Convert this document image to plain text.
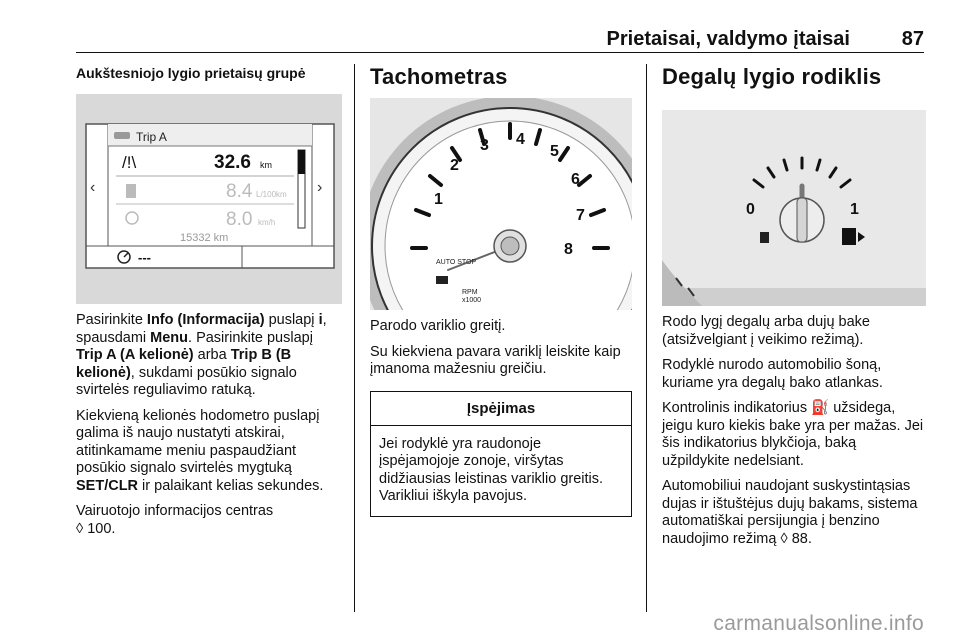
Prietaisai, valdymo įtaisai	87
Aukštesniojo lygio prietaisų grupė
Trip A
‹	›
/!\	32.6 km
8.4 L/100km
8.0 km/h
15332 km
---

Pasirinkite Info (Informacija) puslapį i, spausdami Menu. Pasirinkite puslapį Trip A (A kelionė) arba Trip B (B kelionė), sukdami posūkio signalo svirtelės reguliavimo ratuką.

Kiekvieną kelionės hodometro puslapį galima iš naujo nustatyti atskirai, atitinkamame meniu paspaudžiant posūkio signalo svirtelės mygtuką SET/CLR ir palaikant kelias sekundes.

Vairuotojo informacijos centras
◊ 100.

Tachometras
1
2
3 4
5
6
7
8
AUTO STOP
RPM
x1000

Parodo variklio greitį.

Su kiekviena pavara variklį leiskite kaip įmanoma mažesniu greičiu.

Įspėjimas
Jei rodyklė yra raudonoje įspėjamojoje zonoje, viršytas didžiausias leistinas variklio greitis. Varikliui iškyla pavojus.
Degalų lygio rodiklis
0	1

Rodo lygį degalų arba dujų bake (atsižvelgiant į veikimo režimą).

Rodyklė nurodo automobilio šoną, kuriame yra degalų bako atlankas.

Kontrolinis indikatorius ⛽ užsidega, jeigu kuro kiekis bake yra per mažas. Jei šis indikatorius blykčioja, baką užpildykite nedelsiant.

Automobiliui naudojant suskystintąsias dujas ir ištuštėjus dujų bakams, sistema automatiškai persijungia į benzino naudojimo režimą ◊ 88.

carmanualsonline.info
